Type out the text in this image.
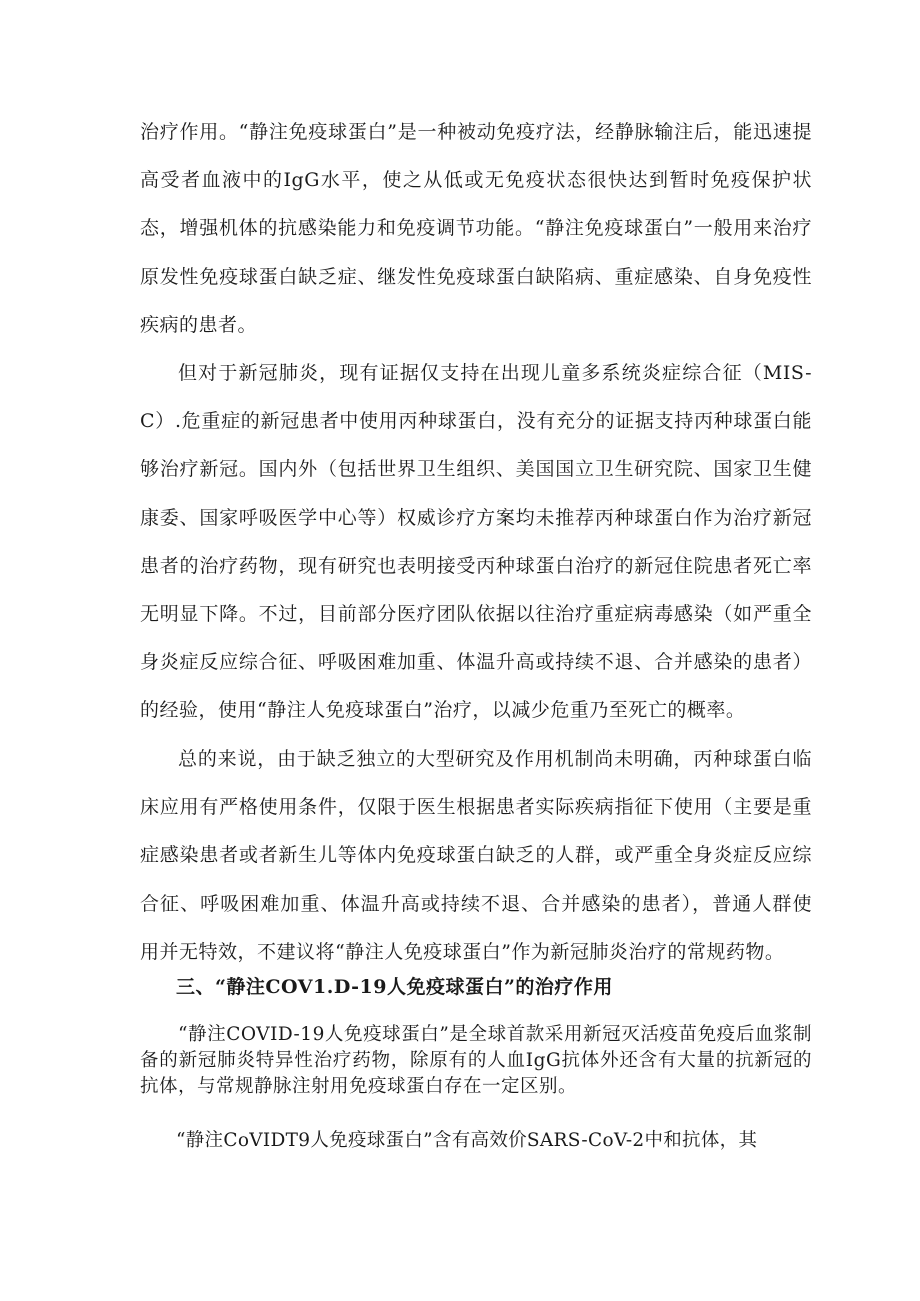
治疗作用。“静注免疫球蛋白”是一种被动免疫疗法，经静脉输注后，能迅速提高受者血液中的IgG水平，使之从低或无免疫状态很快达到暂时免疫保护状态，增强机体的抗感染能力和免疫调节功能。“静注免疫球蛋白”一般用来治疗原发性免疫球蛋白缺乏症、继发性免疫球蛋白缺陷病、重症感染、自身免疫性疾病的患者。

但对于新冠肺炎，现有证据仅支持在出现儿童多系统炎症综合征（MIS-C）.危重症的新冠患者中使用丙种球蛋白，没有充分的证据支持丙种球蛋白能够治疗新冠。国内外（包括世界卫生组织、美国国立卫生研究院、国家卫生健康委、国家呼吸医学中心等）权威诊疗方案均未推荐丙种球蛋白作为治疗新冠患者的治疗药物，现有研究也表明接受丙种球蛋白治疗的新冠住院患者死亡率无明显下降。不过，目前部分医疗团队依据以往治疗重症病毒感染（如严重全身炎症反应综合征、呼吸困难加重、体温升高或持续不退、合并感染的患者）的经验，使用“静注人免疫球蛋白”治疗，以减少危重乃至死亡的概率。

总的来说，由于缺乏独立的大型研究及作用机制尚未明确，丙种球蛋白临床应用有严格使用条件，仅限于医生根据患者实际疾病指征下使用（主要是重症感染患者或者新生儿等体内免疫球蛋白缺乏的人群，或严重全身炎症反应综合征、呼吸困难加重、体温升高或持续不退、合并感染的患者），普通人群使用并无特效，不建议将“静注人免疫球蛋白”作为新冠肺炎治疗的常规药物。

三、“静注COV1.D-19人免疫球蛋白”的治疗作用

“静注COVID-19人免疫球蛋白”是全球首款采用新冠灭活疫苗免疫后血浆制备的新冠肺炎特异性治疗药物，除原有的人血IgG抗体外还含有大量的抗新冠的抗体，与常规静脉注射用免疫球蛋白存在一定区别。

“静注CoVIDT9人免疫球蛋白”含有高效价SARS-CoV-2中和抗体，其
